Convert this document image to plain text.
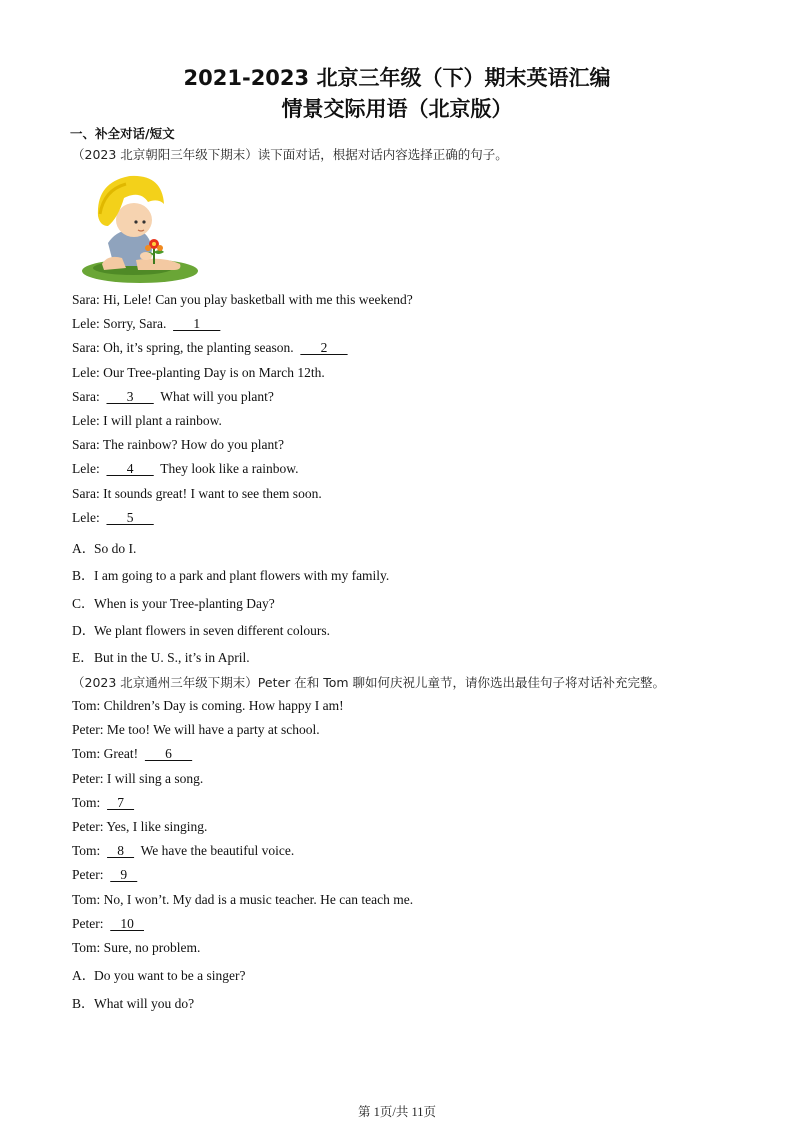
2021-2023 北京三年级（下）期末英语汇编
情景交际用语（北京版）
一、补全对话/短文
（2023 北京朝阳三年级下期末）读下面对话，根据对话内容选择正确的句子。
Sara: Hi, Lele! Can you play basketball with me this weekend?
Lele: Sorry, Sara.        1
Sara: Oh, it’s spring, the planting season.        2
Lele: Our Tree-planting Day is on March 12th.
Sara:        3        What will you plant?
Lele: I will plant a rainbow.
Sara: The rainbow? How do you plant?
Lele:        4        They look like a rainbow.
Sara: It sounds great! I want to see them soon.
Lele:        5
A．So do I.
B．I am going to a park and plant flowers with my family.
C．When is your Tree-planting Day?
D．We plant flowers in seven different colours.
E．But in the U. S., it’s in April.
（2023 北京通州三年级下期末）Peter 在和 Tom 聊如何庆祝儿童节，请你选出最佳句子将对话补充完整。
Tom: Children’s Day is coming. How happy I am!
Peter: Me too! We will have a party at school.
Tom: Great!        6
Peter: I will sing a song.
Tom:     7
Peter: Yes, I like singing.
Tom:     8     We have the beautiful voice.
Peter:     9
Tom: No, I won’t. My dad is a music teacher. He can teach me.
Peter:     10
Tom: Sure, no problem.
A．Do you want to be a singer?
B．What will you do?
第 1页/共 11页
